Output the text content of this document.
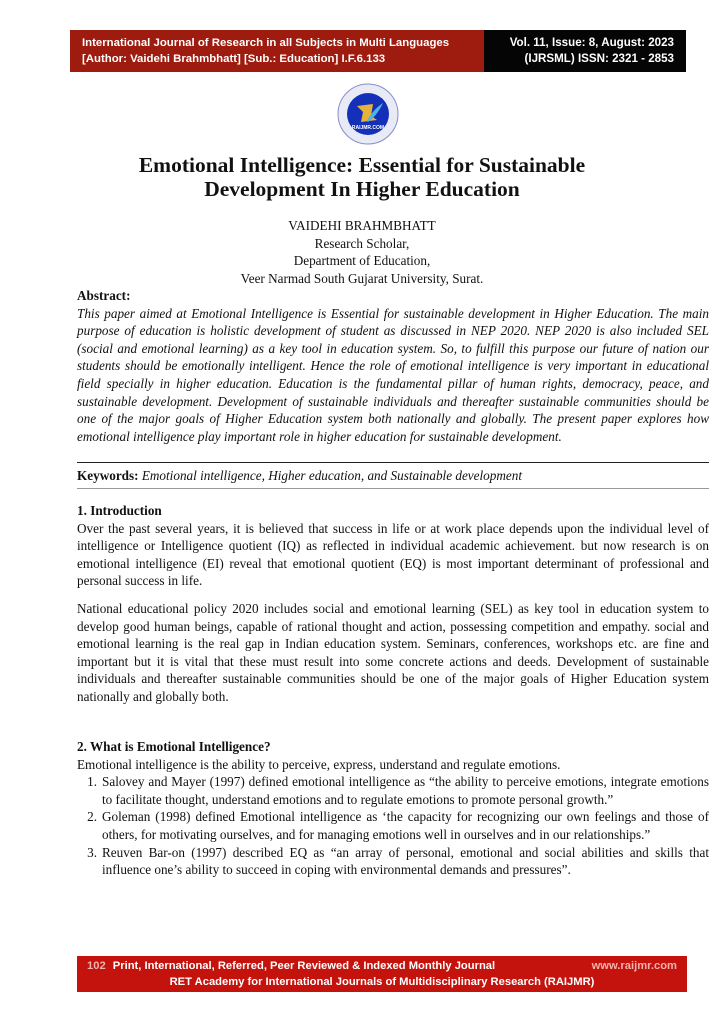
International Journal of Research in all Subjects in Multi Languages
[Author: Vaidehi Brahmbhatt] [Sub.: Education] I.F.6.133
Vol. 11, Issue: 8, August: 2023
(IJRSML) ISSN: 2321 - 2853
RAIJMR.COM
Emotional Intelligence: Essential for Sustainable
Development In Higher Education
VAIDEHI BRAHMBHATT
Research Scholar,
Department of Education,
Veer Narmad South Gujarat University, Surat.
Abstract:
This paper aimed at Emotional Intelligence is Essential for sustainable development in Higher Education. The main purpose of education is holistic development of student as discussed in NEP 2020. NEP 2020 is also included SEL (social and emotional learning) as a key tool in education system. So, to fulfill this purpose our future of nation our students should be emotionally intelligent. Hence the role of emotional intelligence is very important in educational field specially in higher education. Education is the fundamental pillar of human rights, democracy, peace, and sustainable development. Development of sustainable individuals and thereafter sustainable communities should be one of the major goals of Higher Education system both nationally and globally. The present paper explores how emotional intelligence play important role in higher education for sustainable development.
Keywords: Emotional intelligence, Higher education, and Sustainable development
1. Introduction
Over the past several years, it is believed that success in life or at work place depends upon the individual level of intelligence or Intelligence quotient (IQ) as reflected in individual academic achievement. but now research is on emotional intelligence (EI) reveal that emotional quotient (EQ) is most important determinant of professional and personal success in life.
National educational policy 2020 includes social and emotional learning (SEL) as key tool in education system to develop good human beings, capable of rational thought and action, possessing competition and empathy. social and emotional learning is the real gap in Indian education system. Seminars, conferences, workshops etc. are fine and important but it is vital that these must result into some concrete actions and deeds. Development of sustainable individuals and thereafter sustainable communities should be one of the major goals of Higher Education system nationally and globally both.
2. What is Emotional Intelligence?
Emotional intelligence is the ability to perceive, express, understand and regulate emotions.
1. Salovey and Mayer (1997) defined emotional intelligence as “the ability to perceive emotions, integrate emotions to facilitate thought, understand emotions and to regulate emotions to promote personal growth.”
2. Goleman (1998) defined Emotional intelligence as ‘the capacity for recognizing our own feelings and those of others, for motivating ourselves, and for managing emotions well in ourselves and in our relationships.”
3. Reuven Bar-on (1997) described EQ as “an array of personal, emotional and social abilities and skills that influence one’s ability to succeed in coping with environmental demands and pressures”.
102 Print, International, Referred, Peer Reviewed & Indexed Monthly Journal	www.raijmr.com
RET Academy for International Journals of Multidisciplinary Research (RAIJMR)
